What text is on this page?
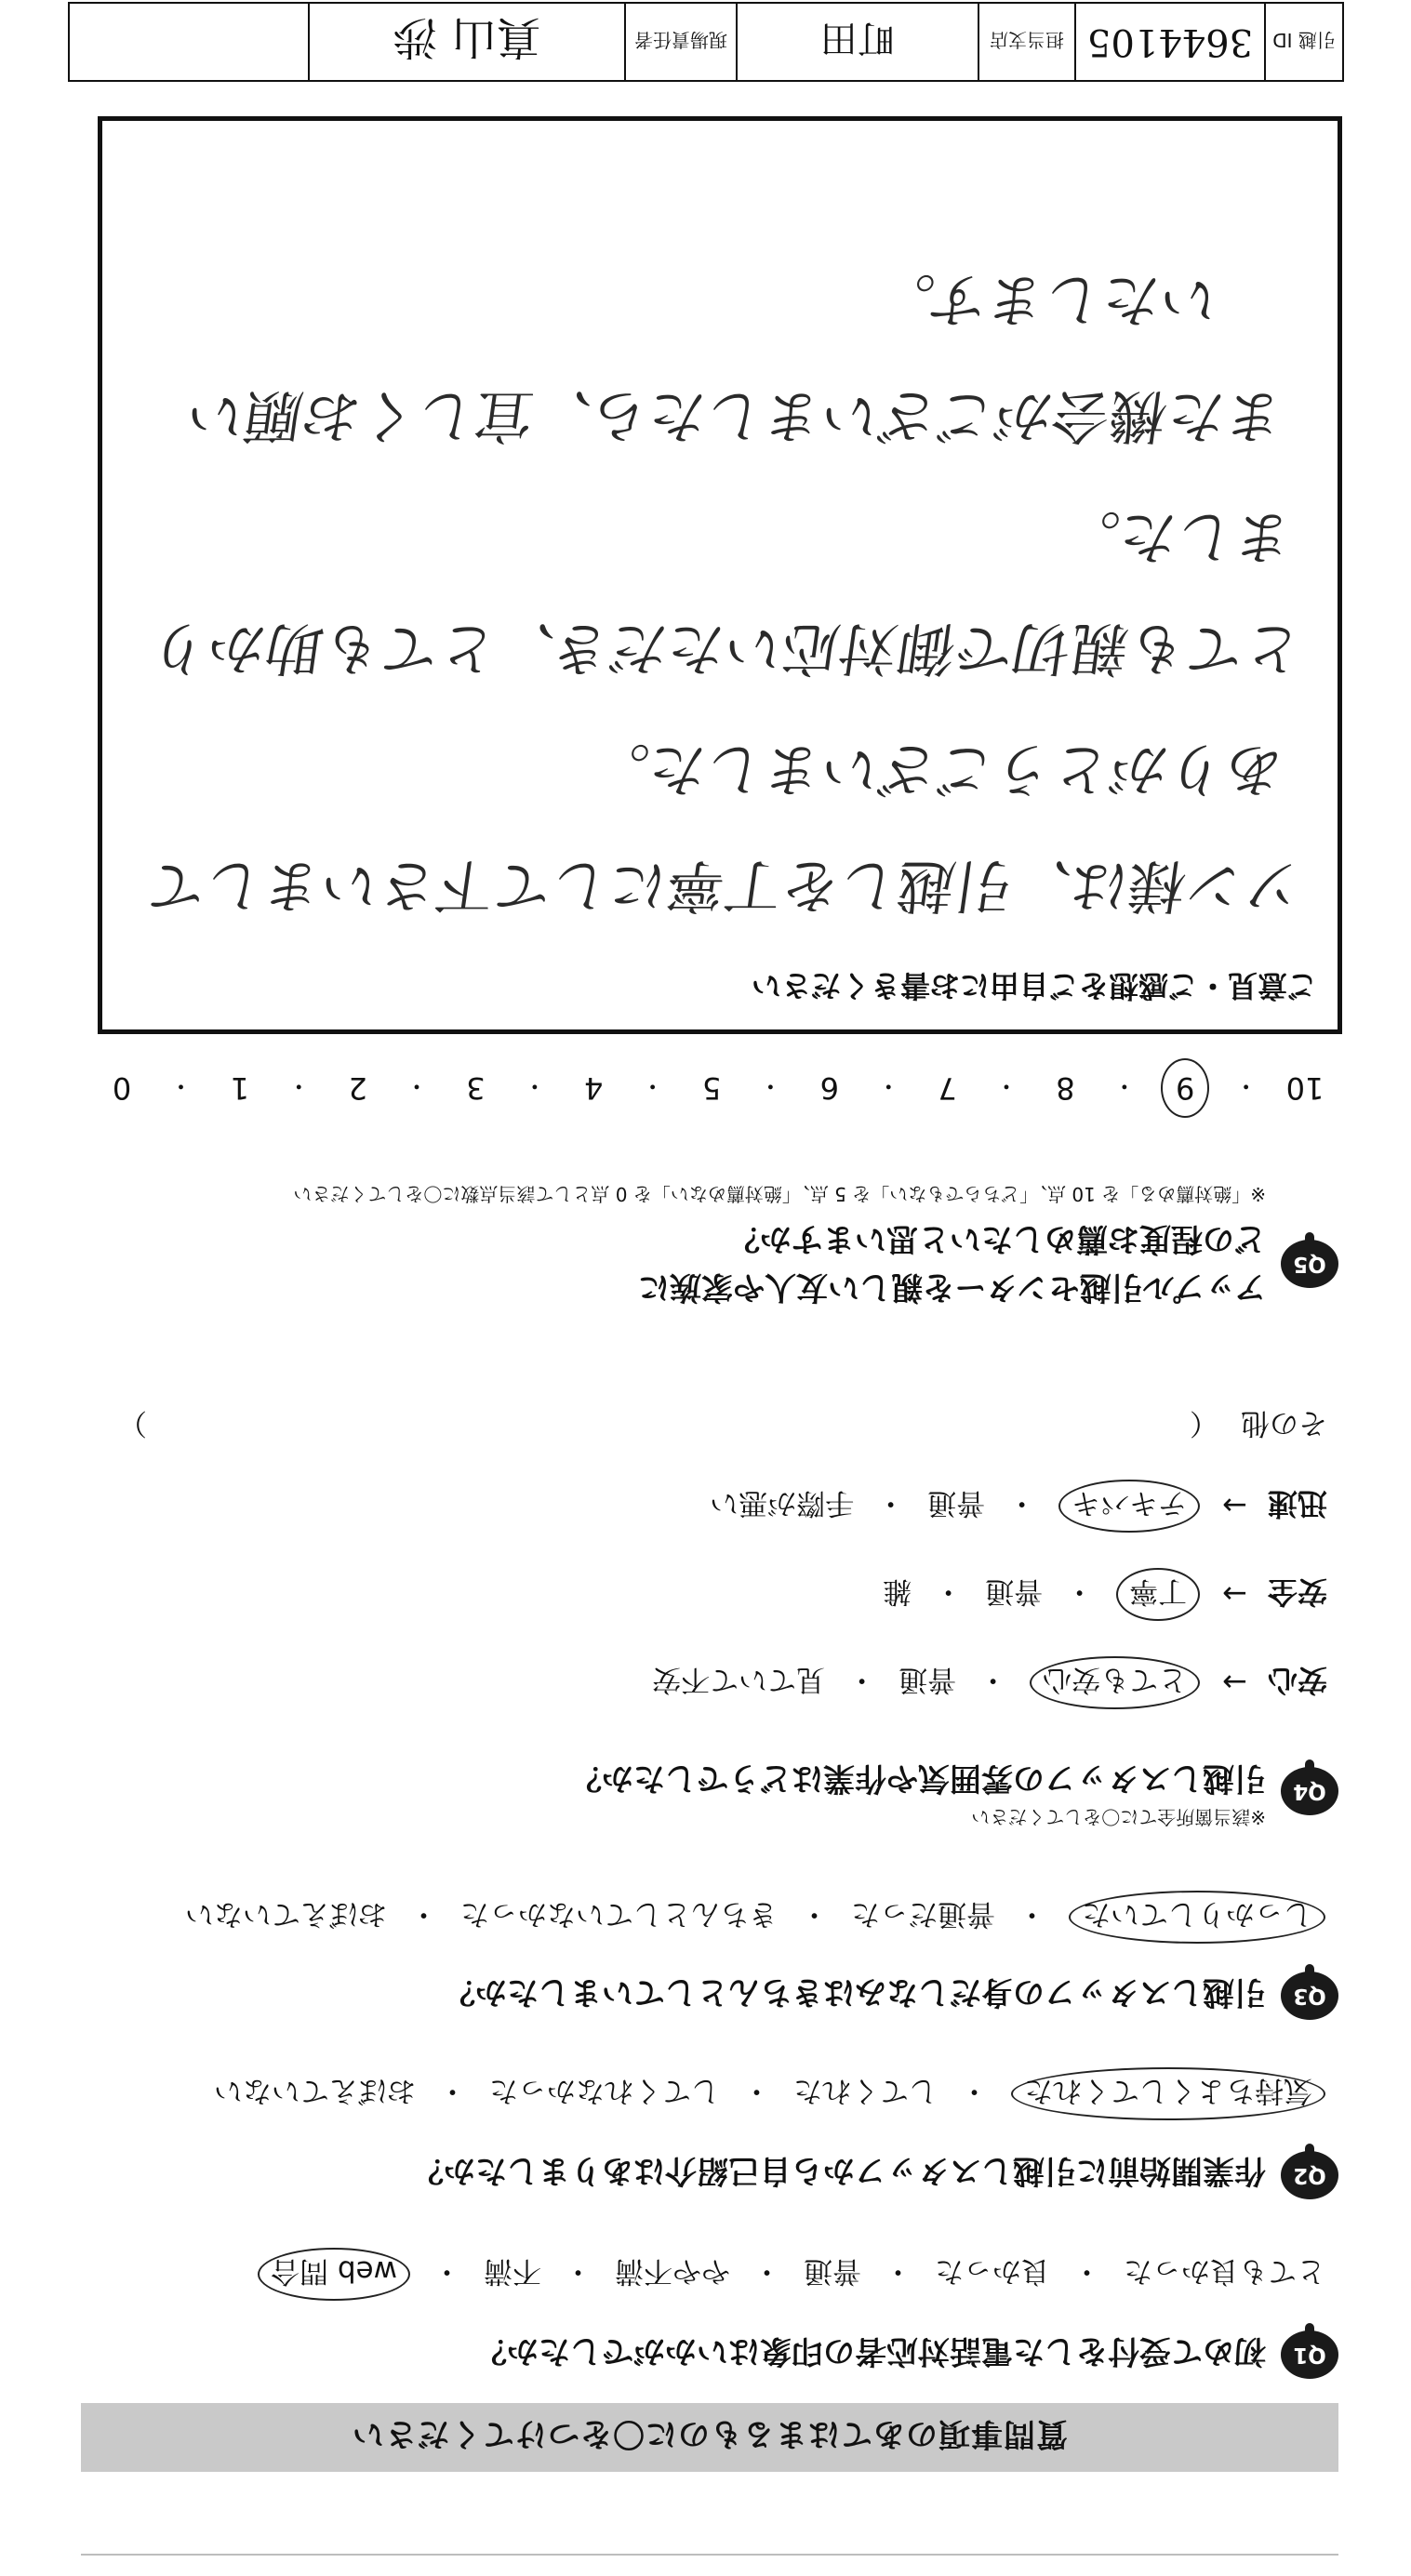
質問事項のあてはまるものに〇をつけてください
Q1
初めて受付をした電話対応者の印象はいかがでしたか？
とても良かった
・
良かった
・
普通
・
やや不満
・
不満
・
web 問合
Q2
作業開始前に引越しスタッフから自己紹介はありましたか？
気持ちよくしてくれた
・
してくれた
・
してくれなかった
・
おぼえていない
Q3
引越しスタッフの身だしなみはきちんとしていましたか？
しっかりしていた
・
普通だった
・
きちんとしていなかった
・
おぼえていない
Q4
※該当箇所全てに〇をしてください
引越しスタッフの雰囲気や作業はどうでしたか？
安心
→
とても安心
・
普通
・
見ていて不安
安全
→
丁寧
・
普通
・
雑
迅速
→
テキパキ
・
普通
・
手際が悪い
その他
（
）
Q5
アップル引越センターを親しい友人や家族に
どの程度お薦めしたいと思いますか？
※「絶対薦める」を 10 点、「どちらでもない」を 5 点、「絶対薦めない」を 0 点として該当点数に〇をしてください
10
・
9
・
8
・
7
・
6
・
5
・
4
・
3
・
2
・
1
・
0
ご意見・ご感想をご自由にお書きください
ソン様は、引越しを丁寧にして下さいまして
ありがとうございました。
とても親切で御対応いただき、とても助かり
ました。
また機会がございましたら、宜しくお願い
いたします。
引越 ID
3644105
担当支店
町田
現場責任者
真山 渉
